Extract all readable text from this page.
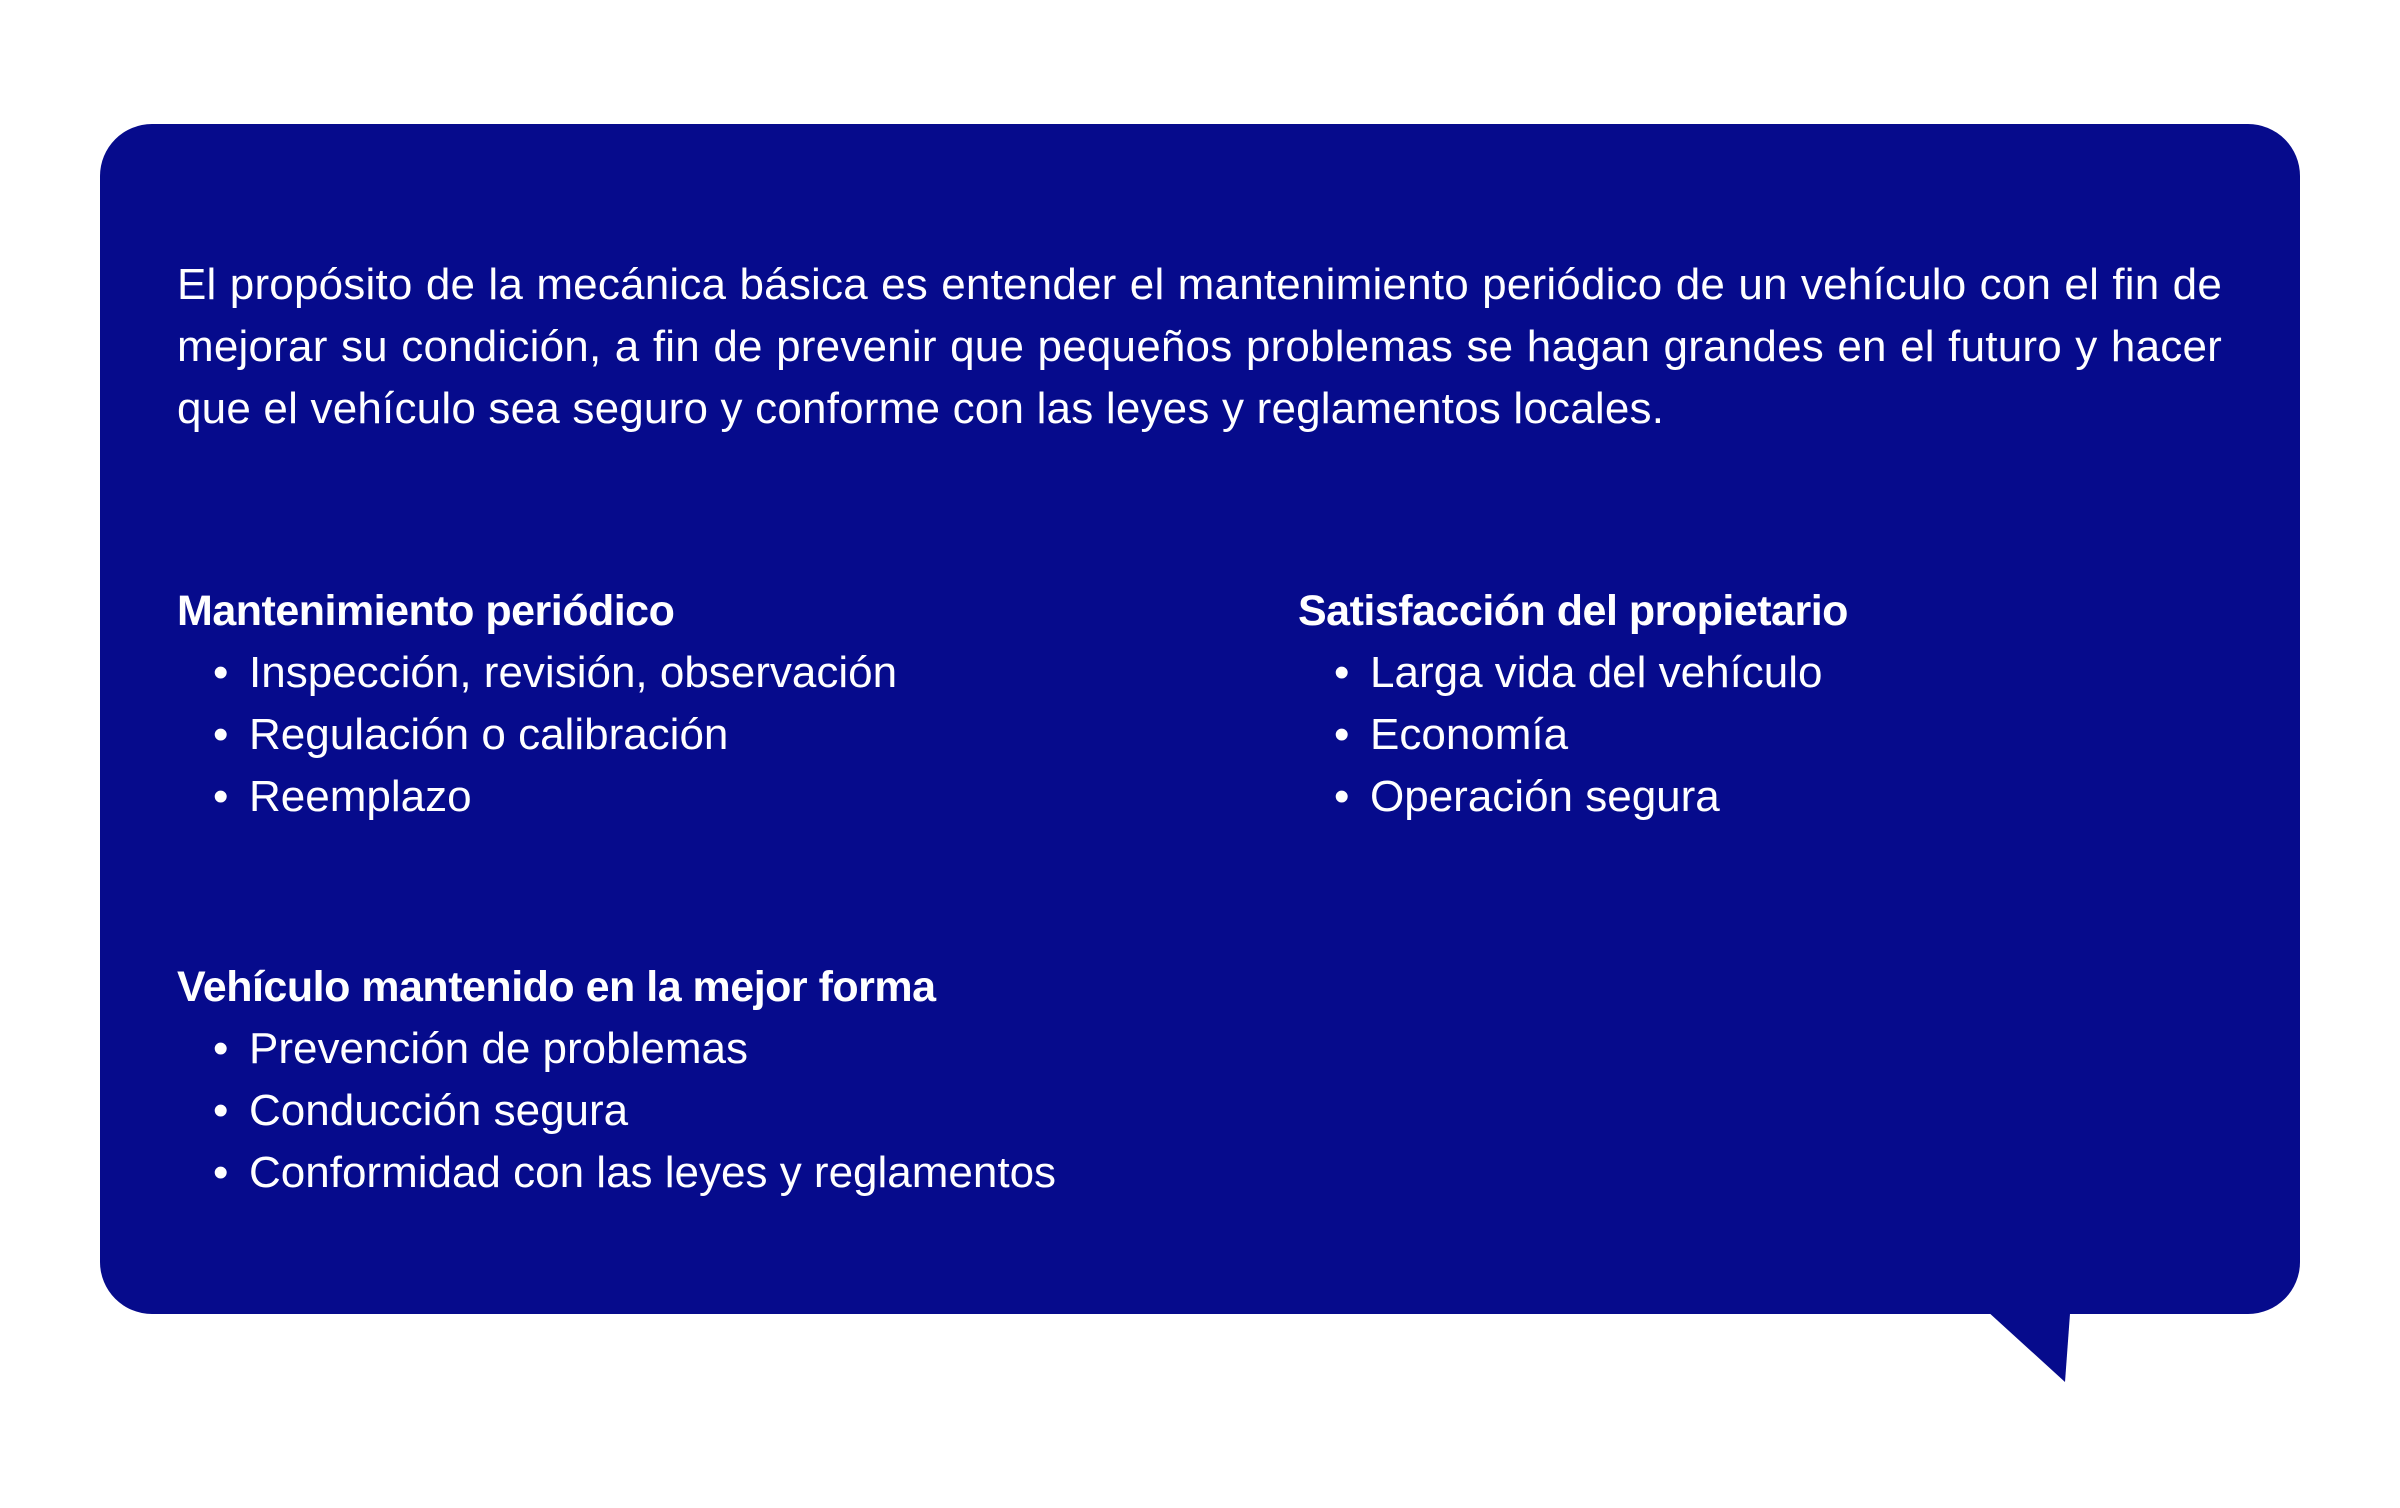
El propósito de la mecánica básica es entender el mantenimiento periódico de un vehículo con el fin de mejorar su condición, a fin de prevenir que pequeños problemas se hagan grandes en el futuro y hacer que el vehículo sea seguro y conforme con las leyes y reglamentos locales.

Mantenimiento periódico
• Inspección, revisión, observación
• Regulación o calibración
• Reemplazo
Satisfacción del propietario
• Larga vida del vehículo
• Economía
• Operación segura
Vehículo mantenido en la mejor forma
• Prevención de problemas
• Conducción segura
• Conformidad con las leyes y reglamentos
